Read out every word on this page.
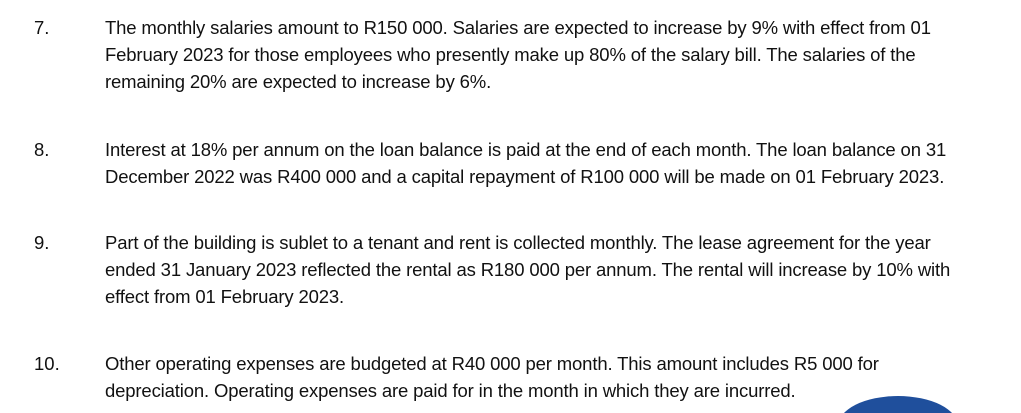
7.	The monthly salaries amount to R150 000. Salaries are expected to increase by 9% with effect from 01
February 2023 for those employees who presently make up 80% of the salary bill. The salaries of the
remaining 20% are expected to increase by 6%.
8.	Interest at 18% per annum on the loan balance is paid at the end of each month. The loan balance on 31
December 2022 was R400 000 and a capital repayment of R100 000 will be made on 01 February 2023.
9.	Part of the building is sublet to a tenant and rent is collected monthly. The lease agreement for the year
ended 31 January 2023 reflected the rental as R180 000 per annum. The rental will increase by 10% with
effect from 01 February 2023.
10. Other operating expenses are budgeted at R40 000 per month. This amount includes R5 000 for
depreciation. Operating expenses are paid for in the month in which they are incurred.
